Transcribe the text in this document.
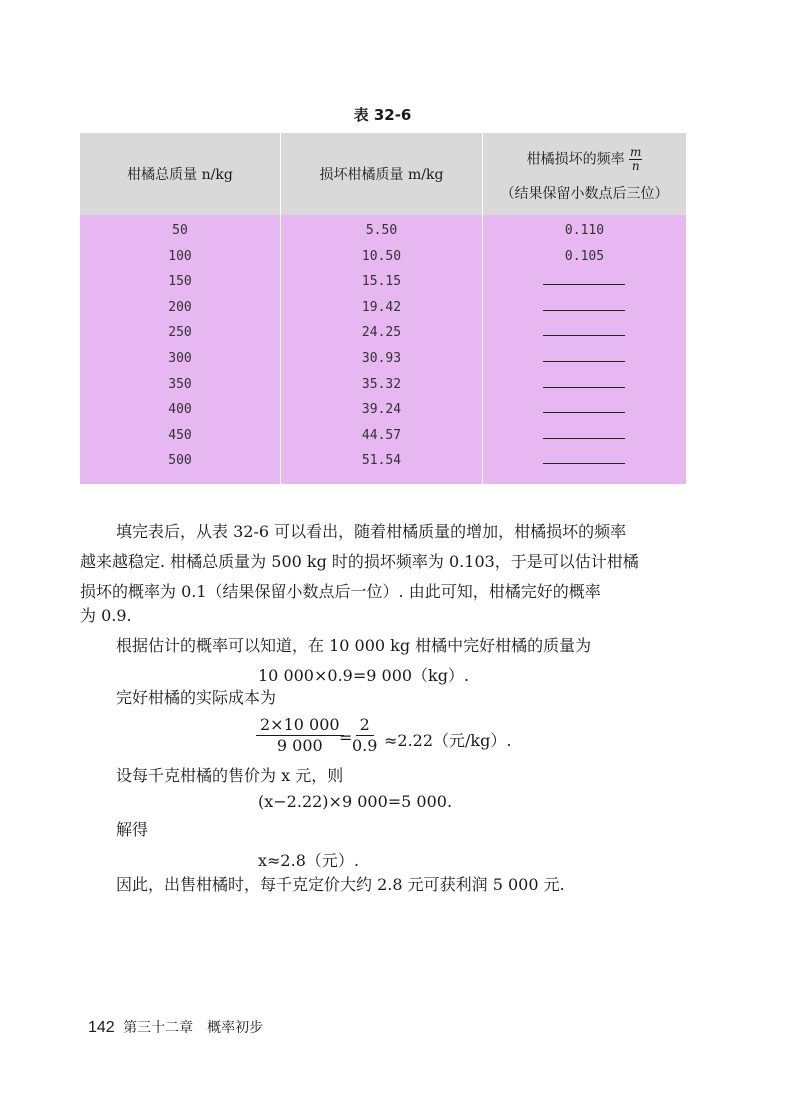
表 32-6
柑橘总质量 n/kg	损坏柑橘质量 m/kg
柑橘损坏的频率 $\frac{m}{n}$
（结果保留小数点后三位）
50	5.50	0.110
100	10.50	0.105
150	15.15
200	19.42
250	24.25
300	30.93
350	35.32
400	39.24
450	44.57
500	51.54
填完表后，从表 32-6 可以看出，随着柑橘质量的增加，柑橘损坏的频率
越来越稳定. 柑橘总质量为 500 kg 时的损坏频率为 0.103，于是可以估计柑橘
损坏的概率为 0.1（结果保留小数点后一位）. 由此可知，柑橘完好的概率
为 0.9.
根据估计的概率可以知道，在 10 000 kg 柑橘中完好柑橘的质量为
10 000×0.9=9 000（kg）.
完好柑橘的实际成本为
$\frac{2\times 10 000}{9 000}$
= $\frac{2}{0.9} \approx 2.22$（元/kg）.
设每千克柑橘的售价为 x 元，则
(x−2.22)×9 000=5 000.
解得
x≈2.8（元）.
因此，出售柑橘时，每千克定价大约 2.8 元可获利润 5 000 元.
142 第三十二章　概率初步
